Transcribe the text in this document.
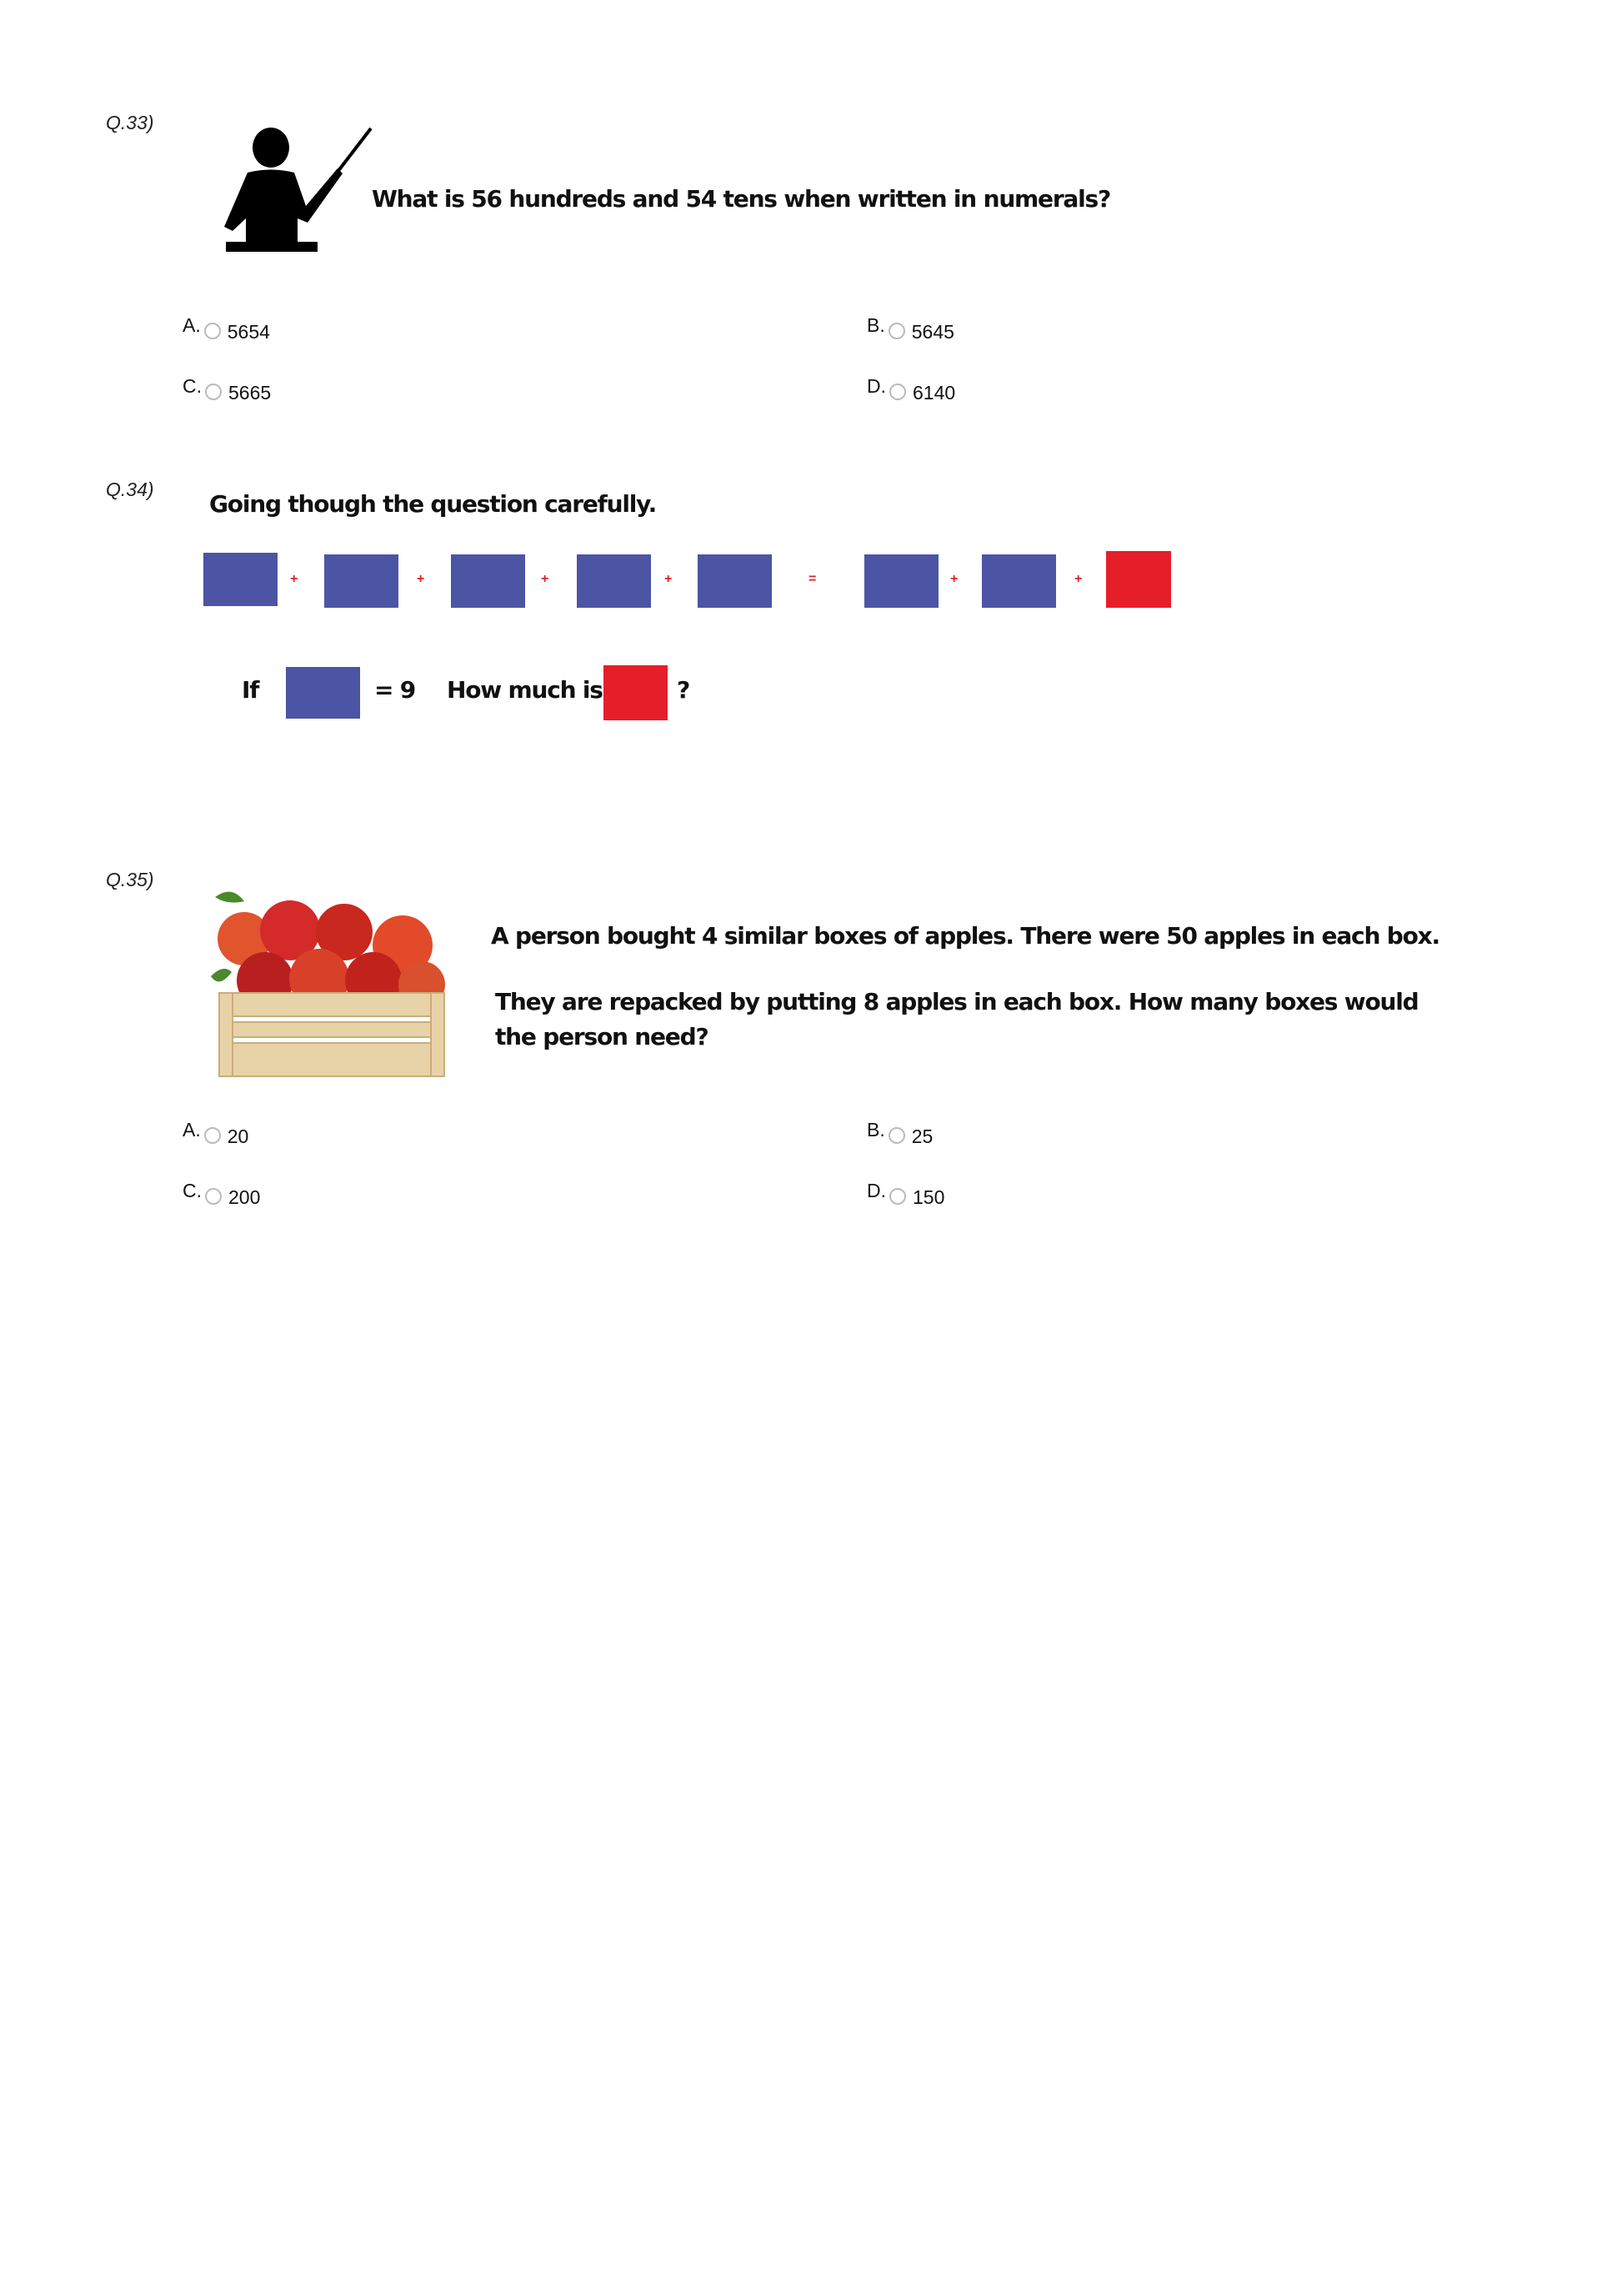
Q.33)
What is 56 hundreds and 54 tens when written in numerals?
A. 5654	B. 5645
C. 5665	D. 6140
Q.34)
Going though the question carefully.
+	+	+	+	=	+	+
If	= 9 How much is	?
Q.35)
A person bought 4 similar boxes of apples. There were 50 apples in each box.
They are repacked by putting 8 apples in each box. How many boxes would the person need?
A. 20	B. 25
C. 200	D. 150
